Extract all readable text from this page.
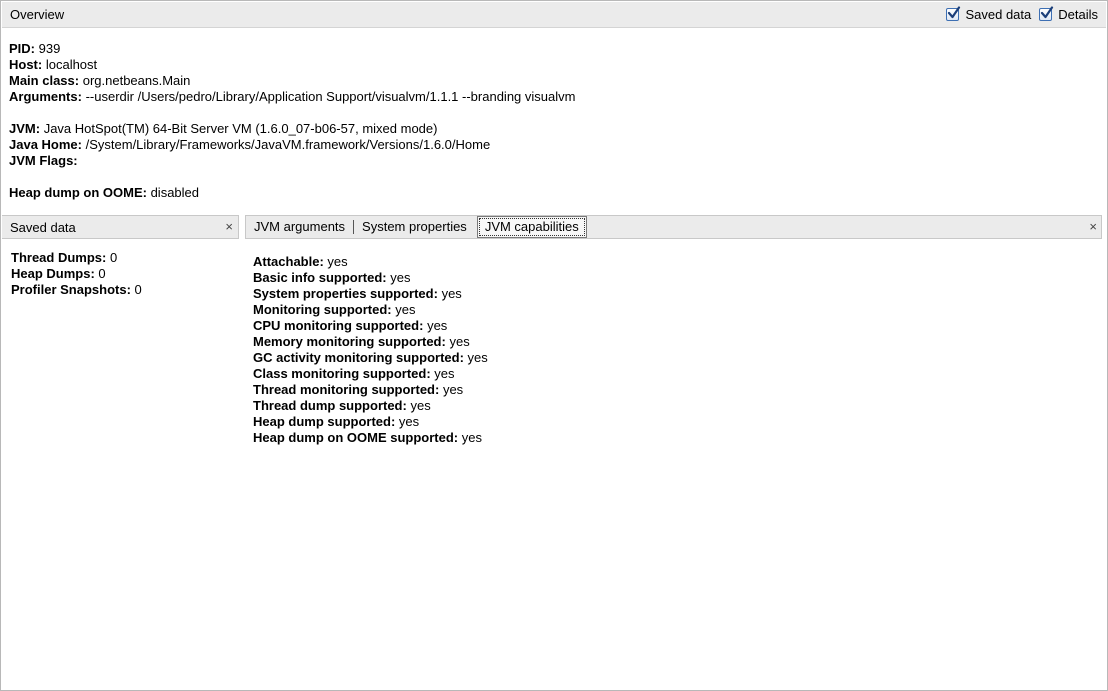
Overview	Saved data Details
PID: 939
Host: localhost
Main class: org.netbeans.Main
Arguments: --userdir /Users/pedro/Library/Application Support/visualvm/1.1.1 --branding visualvm
JVM: Java HotSpot(TM) 64-Bit Server VM (1.6.0_07-b06-57, mixed mode)
Java Home: /System/Library/Frameworks/JavaVM.framework/Versions/1.6.0/Home
JVM Flags:
Heap dump on OOME: disabled
Saved data	×	JVM arguments	System properties	JVM capabilities	×
Thread Dumps: 0
Heap Dumps: 0
Profiler Snapshots: 0
Attachable: yes
Basic info supported: yes
System properties supported: yes
Monitoring supported: yes
CPU monitoring supported: yes
Memory monitoring supported: yes
GC activity monitoring supported: yes
Class monitoring supported: yes
Thread monitoring supported: yes
Thread dump supported: yes
Heap dump supported: yes
Heap dump on OOME supported: yes
